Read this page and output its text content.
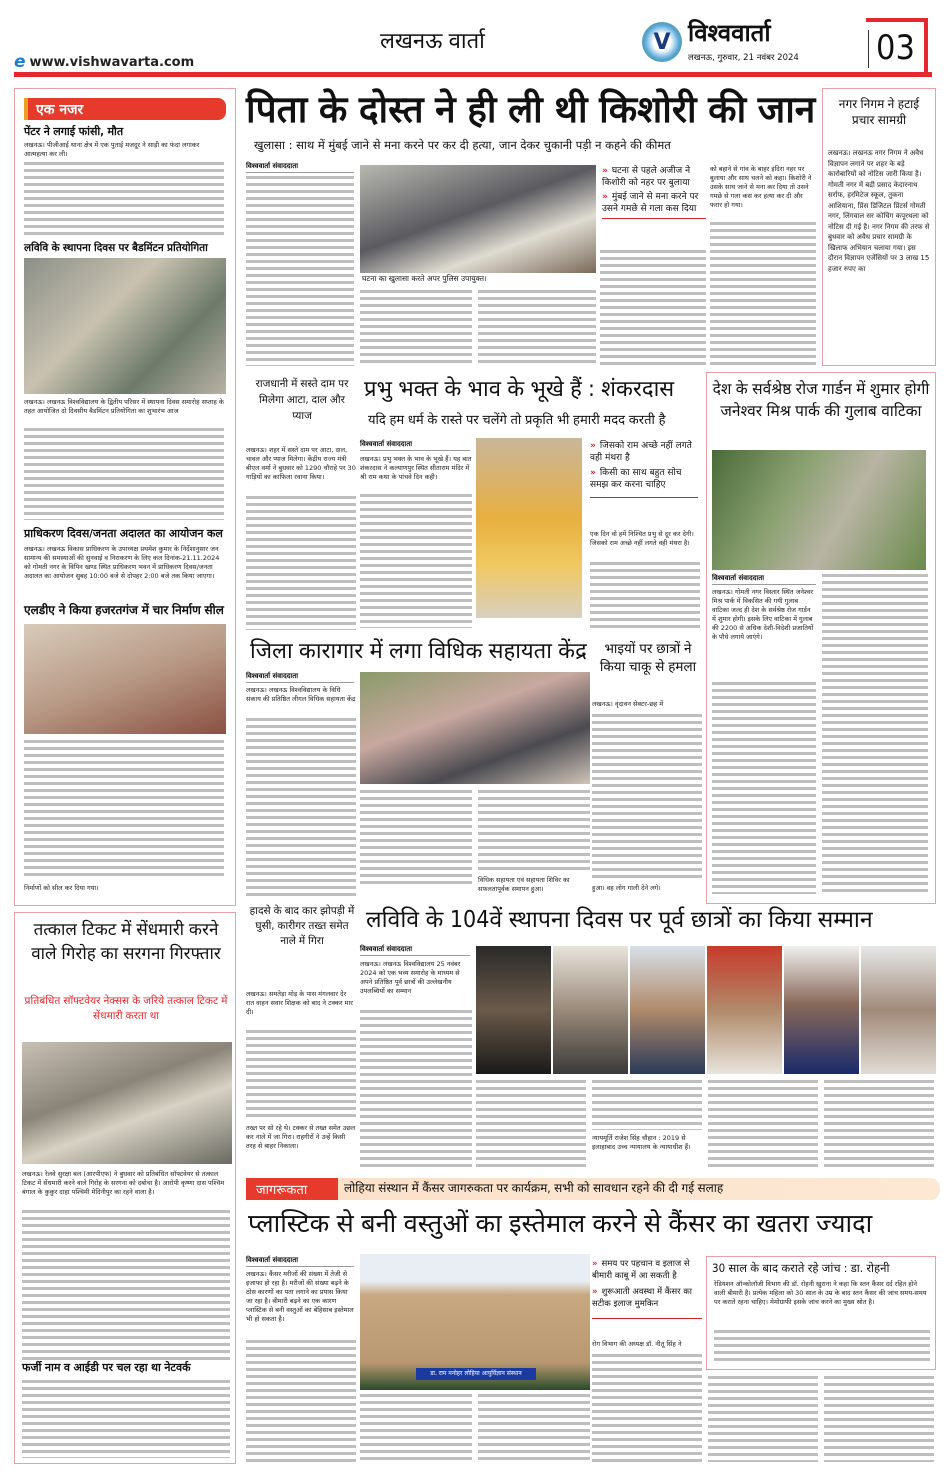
e www.vishwavarta.com
लखनऊ वार्ता	V विश्ववार्ता
लखनऊ, गुरुवार, 21 नवंबर 2024 03
एक नजर
पेंटर ने लगाई फांसी, मौत
लखनऊ। पीजीआई थाना क्षेत्र में एक पुताई मजदूर ने साड़ी का फंदा लगाकर आत्महत्या कर ली।
लविवि के स्थापना दिवस पर बैडमिंटन प्रतियोगिता
लखनऊ। लखनऊ विश्वविद्यालय के द्वितीय परिसर में स्थापना दिवस समारोह सप्ताह के तहत आयोजित दो दिवसीय बैडमिंटन प्रतियोगिता का शुभारंभ आज
प्राधिकरण दिवस/जनता अदालत का आयोजन कल
लखनऊ। लखनऊ विकास प्राधिकरण के उपाध्यक्ष प्रथमेश कुमार के निर्देशानुसार जन सामान्य की समस्याओं की सुनवाई व निराकरण के लिए कल दिनांक-21.11.2024 को गोमती नगर के विपिन खण्ड स्थित प्राधिकरण भवन में प्राधिकरण दिवस/जनता अदालत का आयोजन सुबह 10:00 बजे से दोपहर 2:00 बजे तक किया जाएगा।
एलडीए ने किया हजरतगंज में चार निर्माण सील
निर्माणों को सील कर दिया गया।
तत्काल टिकट में सेंधमारी करने वाले गिरोह का सरगना गिरफ्तार
प्रतिबंधित सॉफ्टवेयर नेक्सस के जरिये तत्काल टिकट में सेंधमारी करता था
लखनऊ। रेलवे सुरक्षा बल (आरपीएफ) ने बुधवार को प्रतिबंधित सॉफ्टवेयर से तत्काल टिकट में सेंधमारी करने वाले गिरोह के सरगना को दबोचा है। आरोपी कृष्णा दास पश्चिम बंगाल के कुकुर दाहा पश्चिमी मेदिनीपुर का रहने वाला है।
फर्जी नाम व आईडी पर चल रहा था नेटवर्क
पिता के दोस्त ने ही ली थी किशोरी की जान
खुलासा : साथ में मुंबई जाने से मना करने पर कर दी हत्या, जान देकर चुकानी पड़ी न कहने की कीमत
विश्ववार्ता संवाददाता
घटना का खुलासा करते अपर पुलिस उपायुक्त।
» घटना से पहले अजीज ने किशोरी को नहर पर बुलाया
» मुंबई जाने से मना करने पर उसने गमछे से गला कस दिया
को बहाने से गांव के बाहर इंदिरा नहर पर बुलाया और साथ चलने को कहा। किशोरी ने उसके साथ जाने से मना कर दिया तो उसने गमछे से गला कस कर हत्या कर दी और फरार हो गया।
नगर निगम ने हटाई प्रचार सामग्री
लखनऊ। लखनऊ नगर निगम ने अवैध विज्ञापन लगाने पर शहर के बड़े कारोबारियों को नोटिस जारी किया है। गोमती नगर में बद्री प्रसाद केदारनाथ सर्राफ, हरमिटेज स्कूल, तुकना आशियाना, प्रिंस डिजिटल प्रिंटर्स गोमती नगर, लिंगवाल सर कोचिंग कपूरथला को नोटिस दी गई है। नगर निगम की तरफ से बुधवार को अवैध प्रचार सामग्री के खिलाफ अभियान चलाया गया। इस दौरान विज्ञापन एजेंसियों पर 3 लाख 15 हजार रुपए का
राजधानी में सस्ते दाम पर मिलेगा आटा, दाल और प्याज
लखनऊ। शहर में सस्ते दाम पर आटा, दाल, चावल और प्याज मिलेगा। केंद्रीय राज्य मंत्री बीएल वर्मा ने बुधवार को 1290 चौराहे पर 30 गाड़ियों का काफिला रवाना किया।
प्रभु भक्त के भाव के भूखे हैं : शंकरदास
यदि हम धर्म के रास्ते पर चलेंगे तो प्रकृति भी हमारी मदद करती है
विश्ववार्ता संवाददाता
लखनऊ। प्रभु भक्त के भाव के भूखे हैं। यह बात शंकरदास ने कल्याणपुर स्थित सीताराम मंदिर में श्री राम कथा के पांचवे दिन कही।
» जिसको राम अच्छे नहीं लगते वही मंथरा है
» किसी का साथ बहुत सोच समझ कर करना चाहिए
एक दिन वो हमें निश्चित प्रभु से दूर कर देगी। जिसको राम अच्छे नहीं लगते वही मंथरा है।
देश के सर्वश्रेष्ठ रोज गार्डन में शुमार होगी जनेश्वर मिश्र पार्क की गुलाब वाटिका
विश्ववार्ता संवाददाता
लखनऊ। गोमती नगर विस्तार स्थित जनेश्वर मिश्र पार्क में विकसित की गयी गुलाब वाटिका जल्द ही देश के सर्वश्रेष्ठ रोज गार्डन में शुमार होगी। इसके लिए वाटिका में गुलाब की 2200 से अधिक देशी-विदेशी प्रजातियों के पौधे लगाये जाएंगे।
जिला कारागार में लगा विधिक सहायता केंद्र
विश्ववार्ता संवाददाता
लखनऊ। लखनऊ विश्वविद्यालय के विधि संकाय की प्रतिष्ठित लीगल विधिक सहायता केंद्र
विधिक सहायता एवं सहायता शिविर का सफलतापूर्वक समापन हुआ।
भाइयों पर छात्रों ने किया चाकू से हमला
लखनऊ। वृंदावन सेक्टर-छह में
हुआ। वह लोग गाली देने लगे।
हादसे के बाद कार झोपड़ी में घुसी, कारीगर तख्त समेत नाले में गिरा
लखनऊ। समतेड़ा मोड़ के पास मंगलवार देर रात वाहन सवार शिक्षक को बाद ने टक्कर मार दी।
तख्त पर सो रहे थे। टक्कर से तख्त समेत उछल कर नाले में जा गिरा। राहगीरों ने उन्हें किसी तरह से बाहर निकाला।
लविवि के 104वें स्थापना दिवस पर पूर्व छात्रों का किया सम्मान
विश्ववार्ता संवाददाता
लखनऊ। लखनऊ विश्वविद्यालय 25 नवंबर 2024 को एक भव्य समारोह के माध्यम से अपने प्रतिष्ठित पूर्व छात्रों की उल्लेखनीय उपलब्धियों का सम्मान
न्यायमूर्ति राजेश सिंह चौहान : 2019 से इलाहाबाद उच्च न्यायालय के न्यायाधीश हैं।
जागरूकता	लोहिया संस्थान में कैंसर जागरुकता पर कार्यक्रम, सभी को सावधान रहने की दी गई सलाह
प्लास्टिक से बनी वस्तुओं का इस्तेमाल करने से कैंसर का खतरा ज्यादा
विश्ववार्ता संवाददाता
लखनऊ। कैंसर मरीजों की संख्या में तेजी से इजाफा हो रहा है। मरीजों की संख्या बढ़ने के ठोस कारणों का पता लगाने का प्रयास किया जा रहा है। बीमारी बढ़ने का एक कारण प्लास्टिक से बनी वस्तुओं का बेहिसाब इस्तेमाल भी हो सकता है।
डा. राम मनोहर लोहिया आयुर्विज्ञान संस्थान
» समय पर पहचान व इलाज से बीमारी काबू में आ सकती है
» शुरूआती अवस्था में कैंसर का सटीक इलाज मुमकिन
रोग विभाग की अध्यक्ष डॉ. नीतू सिंह ने
30 साल के बाद कराते रहे जांच : डा. रोहनी
रेडियशन ऑन्कोलॉजी विभाग की डॉ. रोहनी खुराना ने कहा कि स्तन कैंसर दर्द रहित होने वाली बीमारी है। प्रत्येक महिला को 30 साल के उम्र के बाद स्तन कैंसर की जांच समय-समय पर कराते रहना चाहिए। मेमोग्राफी इसके जांच करने का मुख्य स्रोत है।
